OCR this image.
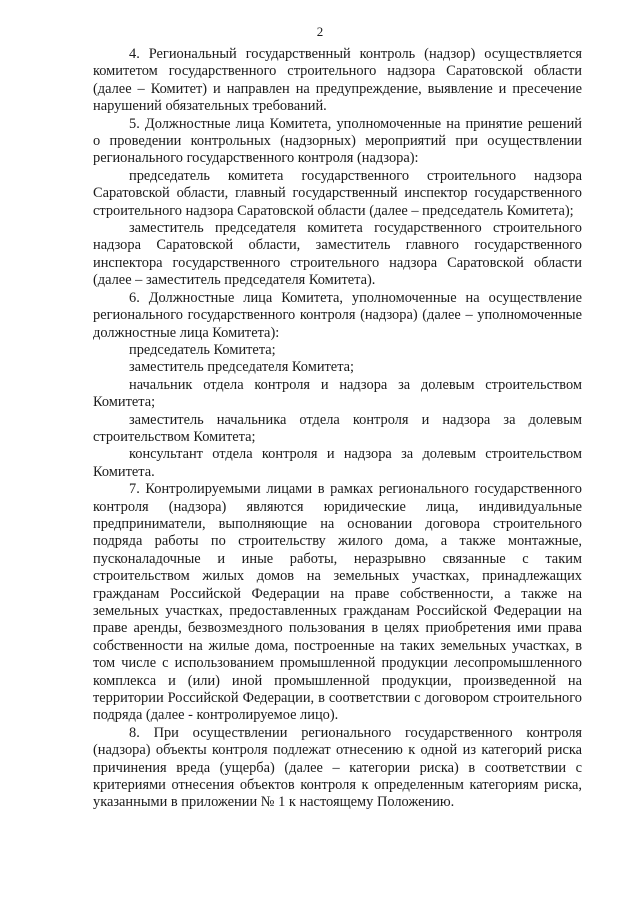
2

4. Региональный государственный контроль (надзор) осуществляется комитетом государственного строительного надзора Саратовской области (далее – Комитет) и направлен на предупреждение, выявление и пресечение нарушений обязательных требований.

5. Должностные лица Комитета, уполномоченные на принятие решений о проведении контрольных (надзорных) мероприятий при осуществлении регионального государственного контроля (надзора):

председатель комитета государственного строительного надзора Саратовской области, главный государственный инспектор государственного строительного надзора Саратовской области (далее – председатель Комитета);

заместитель председателя комитета государственного строительного надзора Саратовской области, заместитель главного государственного инспектора государственного строительного надзора Саратовской области (далее – заместитель председателя Комитета).

6. Должностные лица Комитета, уполномоченные на осуществление регионального государственного контроля (надзора) (далее – уполномоченные должностные лица Комитета):

председатель Комитета;

заместитель председателя Комитета;

начальник отдела контроля и надзора за долевым строительством Комитета;

заместитель начальника отдела контроля и надзора за долевым строительством Комитета;

консультант отдела контроля и надзора за долевым строительством Комитета.

7. Контролируемыми лицами в рамках регионального государственного контроля (надзора) являются юридические лица, индивидуальные предприниматели, выполняющие на основании договора строительного подряда работы по строительству жилого дома, а также монтажные, пусконаладочные и иные работы, неразрывно связанные с таким строительством жилых домов на земельных участках, принадлежащих гражданам Российской Федерации на праве собственности, а также на земельных участках, предоставленных гражданам Российской Федерации на праве аренды, безвозмездного пользования в целях приобретения ими права собственности на жилые дома, построенные на таких земельных участках, в том числе с использованием промышленной продукции лесопромышленного комплекса и (или) иной промышленной продукции, произведенной на территории Российской Федерации, в соответствии с договором строительного подряда (далее - контролируемое лицо).

8. При осуществлении регионального государственного контроля (надзора) объекты контроля подлежат отнесению к одной из категорий риска причинения вреда (ущерба) (далее – категории риска) в соответствии с критериями отнесения объектов контроля к определенным категориям риска, указанными в приложении № 1 к настоящему Положению.
